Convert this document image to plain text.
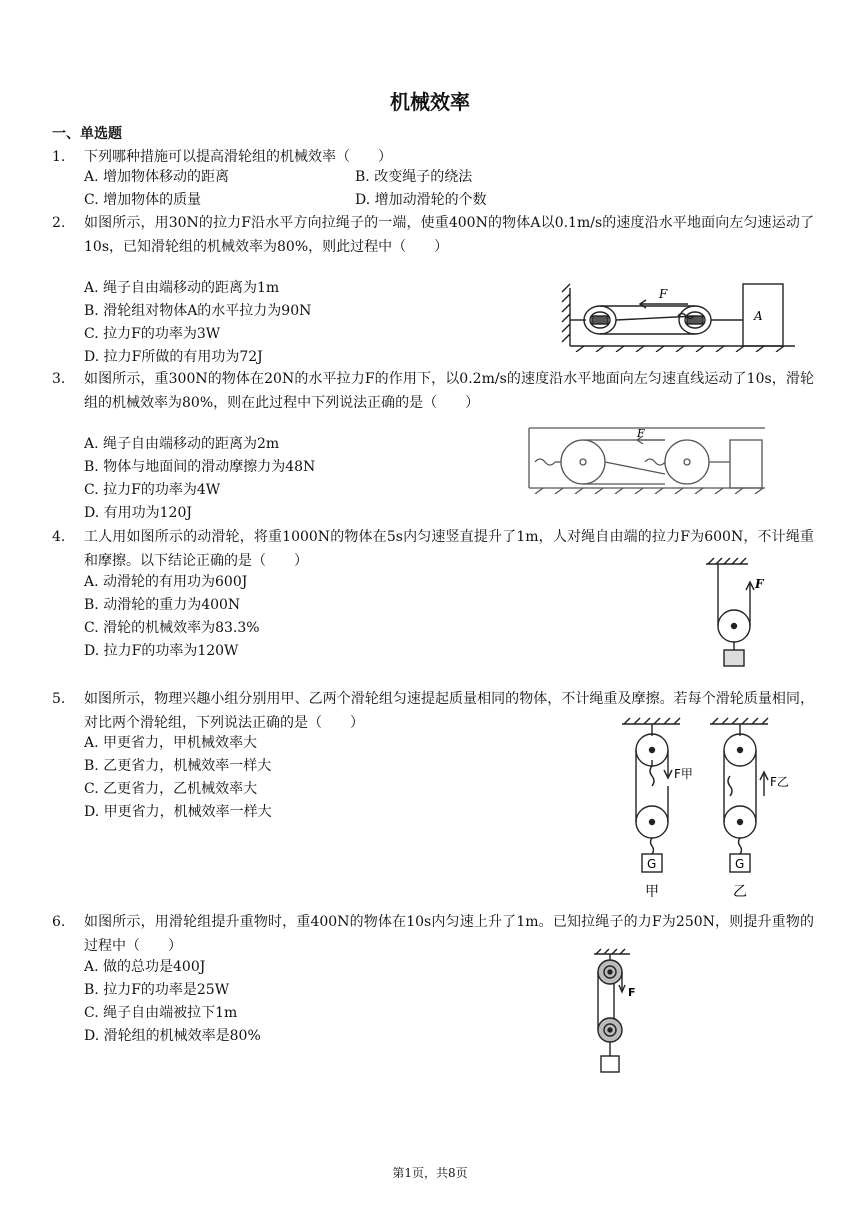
机械效率
一、单选题
1. 下列哪种措施可以提高滑轮组的机械效率（　　）
A. 增加物体移动的距离	B. 改变绳子的绕法
C. 增加物体的质量	D. 增加动滑轮的个数
2. 如图所示，用30N的拉力F沿水平方向拉绳子的一端，使重400N的物体A以0.1m/s的速度沿水平地面向左匀速运动了10s，已知滑轮组的机械效率为80%，则此过程中（　　）
A. 绳子自由端移动的距离为1m
B. 滑轮组对物体A的水平拉力为90N
C. 拉力F的功率为3W
D. 拉力F所做的有用功为72J
F
A
3. 如图所示，重300N的物体在20N的水平拉力F的作用下，以0.2m/s的速度沿水平地面向左匀速直线运动了10s，滑轮组的机械效率为80%，则在此过程中下列说法正确的是（　　）
A. 绳子自由端移动的距离为2m
B. 物体与地面间的滑动摩擦力为48N
C. 拉力F的功率为4W
D. 有用功为120J
F
4. 工人用如图所示的动滑轮，将重1000N的物体在5s内匀速竖直提升了1m，人对绳自由端的拉力F为600N，不计绳重和摩擦。以下结论正确的是（　　）
A. 动滑轮的有用功为600J
B. 动滑轮的重力为400N
C. 滑轮的机械效率为83.3%
D. 拉力F的功率为120W
F
5. 如图所示，物理兴趣小组分别用甲、乙两个滑轮组匀速提起质量相同的物体，不计绳重及摩擦。若每个滑轮质量相同，对比两个滑轮组，下列说法正确的是（　　）
A. 甲更省力，甲机械效率大
B. 乙更省力，机械效率一样大
C. 乙更省力，乙机械效率大
D. 甲更省力，机械效率一样大
F甲
F乙
G	G
甲	乙
6. 如图所示，用滑轮组提升重物时，重400N的物体在10s内匀速上升了1m。已知拉绳子的力F为250N，则提升重物的过程中（　　）
A. 做的总功是400J
B. 拉力F的功率是25W
C. 绳子自由端被拉下1m
D. 滑轮组的机械效率是80%
F
第1页，共8页
